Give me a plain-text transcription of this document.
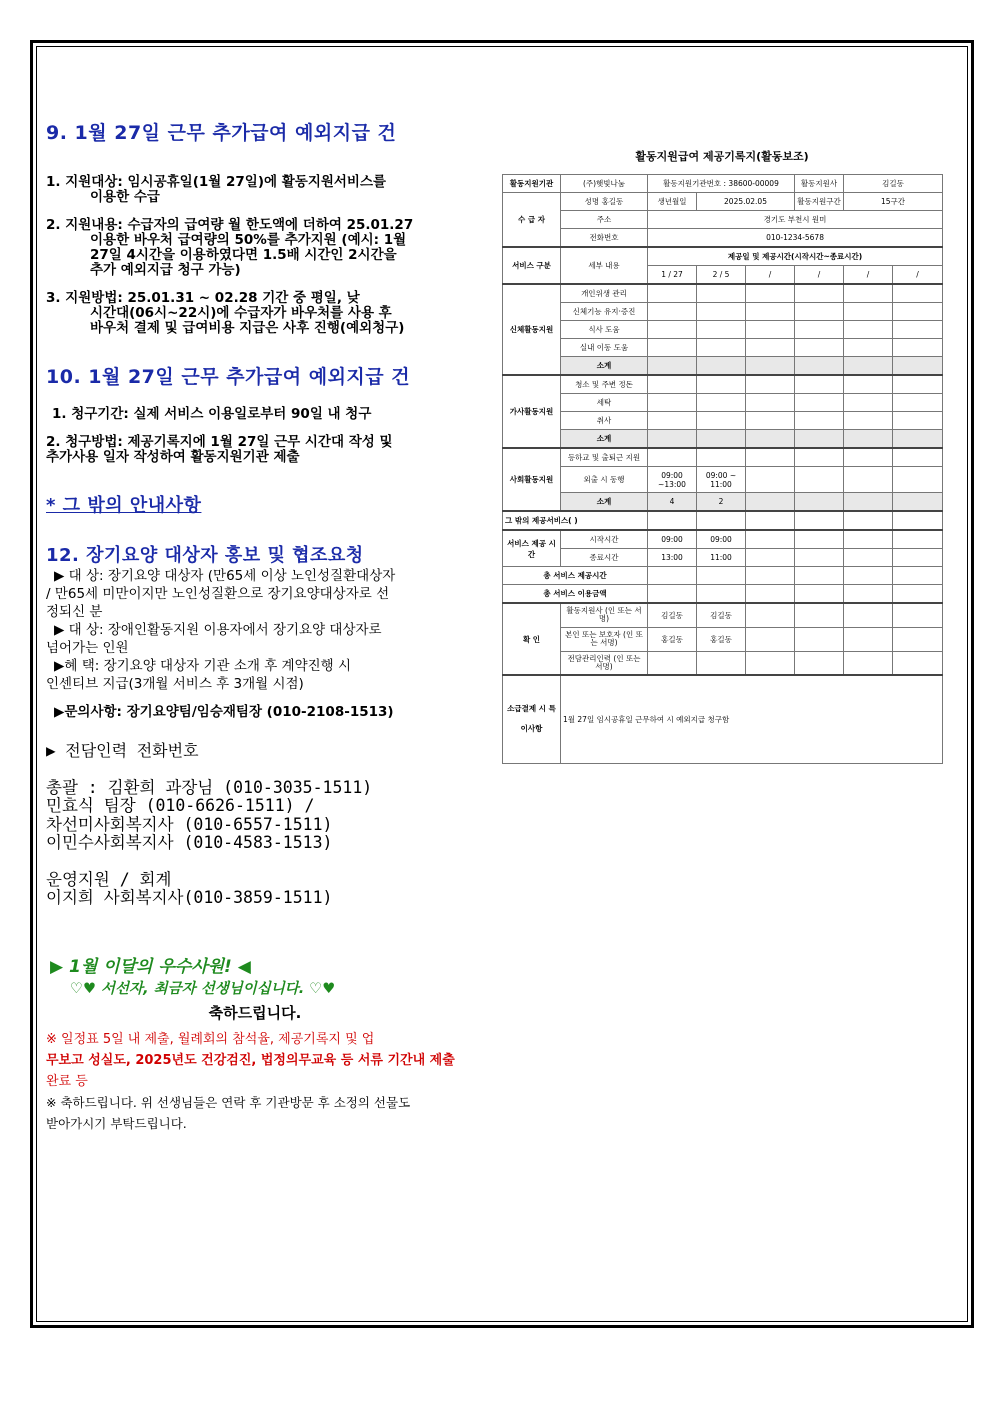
9. 1월 27일 근무 추가급여 예외지급 건

1. 지원대상: 임시공휴일(1월 27일)에 활동지원서비스를

이용한 수급

2. 지원내용: 수급자의 급여량 월 한도액에 더하여 25.01.27

이용한 바우처 급여량의 50%를 추가지원 (예시: 1월

27일 4시간을 이용하였다면 1.5배 시간인 2시간을

추가 예외지급 청구 가능)

3. 지원방법: 25.01.31 ~ 02.28 기간 중 평일, 낮

시간대(06시~22시)에 수급자가 바우처를 사용 후

바우처 결제 및 급여비용 지급은 사후 진행(예외청구)

10. 1월 27일 근무 추가급여 예외지급 건

1. 청구기간: 실제 서비스 이용일로부터 90일 내 청구

2. 청구방법: 제공기록지에 1월 27일 근무 시간대 작성 및

추가사용 일자 작성하여 활동지원기관 제출

* 그 밖의 안내사항

12. 장기요양 대상자 홍보 및 협조요청

▶ 대 상: 장기요양 대상자 (만65세 이상 노인성질환대상자

/ 만65세 미만이지만 노인성질환으로 장기요양대상자로 선

정되신 분

▶ 대 상: 장애인활동지원 이용자에서 장기요양 대상자로

넘어가는 인원

▶혜 택: 장기요양 대상자 기관 소개 후 계약진행 시

인센티브 지급(3개월 서비스 후 3개월 시점)

▶문의사항: 장기요양팀/임승재팀장 (010-2108-1513)

▶ 전담인력 전화번호

총괄 : 김환희 과장님 (010-3035-1511)

민효식 팀장 (010-6626-1511) /

차선미사회복지사 (010-6557-1511)

이민수사회복지사 (010-4583-1513)

운영지원 / 회계

이지희 사회복지사(010-3859-1511)

▶ 1월 이달의 우수사원! ◀

♡♥ 서선자, 최금자 선생님이십니다. ♡♥

축하드립니다.

※ 일정표 5일 내 제출, 월례회의 참석율, 제공기록지 및 업

무보고 성실도, 2025년도 건강검진, 법정의무교육 등 서류 기간내 제출

완료 등

※ 축하드립니다. 위 선생님들은 연락 후 기관방문 후 소정의 선물도

받아가시기 부탁드립니다.

활동지원급여 제공기록지(활동보조)
활동지원기관	(주)햇빛나눔	활동지원기관번호 : 38600-00009			활동지원사	김길동	
수 급 자	성명 홍길동	생년월일	2025.02.05		활동지원구간	15구간	
	주소	경기도 부천시 원미					
	전화번호	010-1234-5678					
서비스 구분	세부 내용	제공일 및 제공시간(시작시간~종료시간)					
		1 / 27	2 / 5	/	/	/	/
신체활동지원	개인위생 관리						
	신체기능 유지·증진						
	식사 도움						
	실내 이동 도움						
	소계						
가사활동지원	청소 및 주변 정돈						
	세탁						
	취사						
	소계						
사회활동지원	등하교 및 출퇴근 지원						
	외출 시 동행	09:00 ~13:00	09:00 ~ 11:00				
	소계	4	2				
그 밖의 제공서비스( )							
서비스 제공 시간	시작시간	09:00	09:00				
	종료시간	13:00	11:00				
총 서비스 제공시간							
총 서비스 이용금액							
확 인	활동지원사 (인 또는 서명)	김길동	김길동				
	본인 또는 보호자 (인 또는 서명)	홍길동	홍길동				
	전담관리인력 (인 또는 서명)						
소급결제 시 특이사항	1월 27일 임시공휴일 근무하여 시 예외지급 청구함						
